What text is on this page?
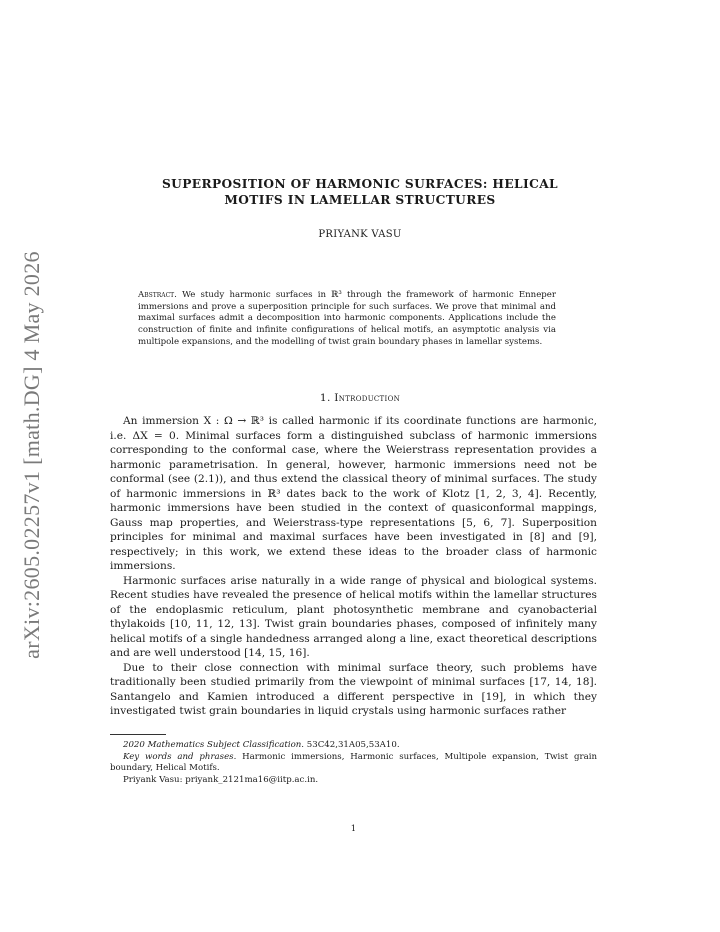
arXiv:2605.02257v1 [math.DG] 4 May 2026
SUPERPOSITION OF HARMONIC SURFACES: HELICAL
MOTIFS IN LAMELLAR STRUCTURES
PRIYANK VASU
Abstract. We study harmonic surfaces in ℝ³ through the framework of harmonic Enneper immersions and prove a superposition principle for such surfaces. We prove that minimal and maximal surfaces admit a decomposition into harmonic components. Applications include the construction of finite and infinite configurations of helical motifs, an asymptotic analysis via multipole expansions, and the modelling of twist grain boundary phases in lamellar systems.
1. Introduction

An immersion X : Ω → ℝ³ is called harmonic if its coordinate functions are harmonic, i.e. ΔX = 0. Minimal surfaces form a distinguished subclass of harmonic immersions corresponding to the conformal case, where the Weierstrass representation provides a harmonic parametrisation. In general, however, harmonic immersions need not be conformal (see (2.1)), and thus extend the classical theory of minimal surfaces. The study of harmonic immersions in ℝ³ dates back to the work of Klotz [1, 2, 3, 4]. Recently, harmonic immersions have been studied in the context of quasiconformal mappings, Gauss map properties, and Weierstrass-type representations [5, 6, 7]. Superposition principles for minimal and maximal surfaces have been investigated in [8] and [9], respectively; in this work, we extend these ideas to the broader class of harmonic immersions.

Harmonic surfaces arise naturally in a wide range of physical and biological systems. Recent studies have revealed the presence of helical motifs within the lamellar structures of the endoplasmic reticulum, plant photosynthetic membrane and cyanobacterial thylakoids [10, 11, 12, 13]. Twist grain boundaries phases, composed of infinitely many helical motifs of a single handedness arranged along a line, exact theoretical descriptions and are well understood [14, 15, 16].

Due to their close connection with minimal surface theory, such problems have traditionally been studied primarily from the viewpoint of minimal surfaces [17, 14, 18]. Santangelo and Kamien introduced a different perspective in [19], in which they investigated twist grain boundaries in liquid crystals using harmonic surfaces rather

2020 Mathematics Subject Classification. 53C42,31A05,53A10.

Key words and phrases. Harmonic immersions, Harmonic surfaces, Multipole expansion, Twist grain boundary, Helical Motifs.

Priyank Vasu: priyank_2121ma16@iitp.ac.in.

1
